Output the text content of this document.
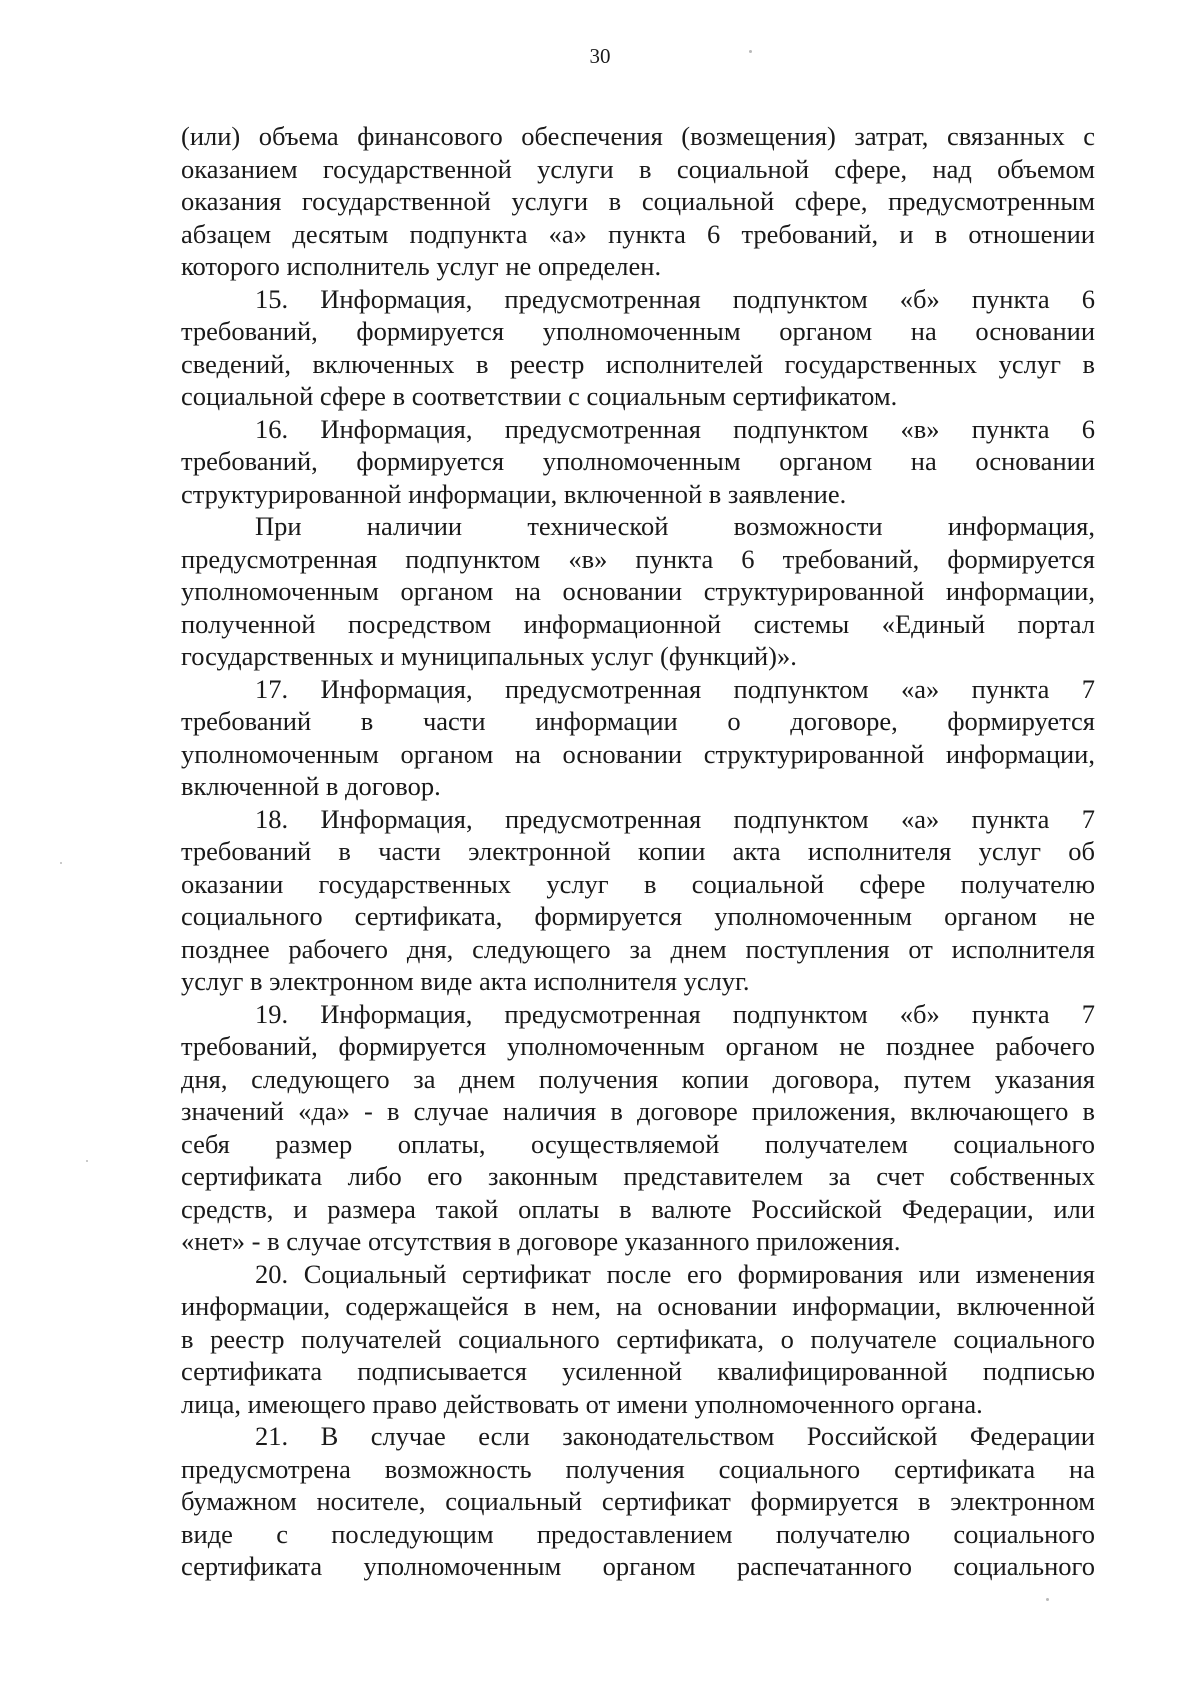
30

(или) объема финансового обеспечения (возмещения) затрат, связанных с
оказанием государственной услуги в социальной сфере, над объемом
оказания государственной услуги в социальной сфере, предусмотренным
абзацем десятым подпункта «а» пункта 6 требований, и в отношении
которого исполнитель услуг не определен.

15. Информация, предусмотренная подпунктом «б» пункта 6
требований, формируется уполномоченным органом на основании
сведений, включенных в реестр исполнителей государственных услуг в
социальной сфере в соответствии с социальным сертификатом.

16. Информация, предусмотренная подпунктом «в» пункта 6
требований, формируется уполномоченным органом на основании
структурированной информации, включенной в заявление.

При наличии технической возможности информация,
предусмотренная подпунктом «в» пункта 6 требований, формируется
уполномоченным органом на основании структурированной информации,
полученной посредством информационной системы «Единый портал
государственных и муниципальных услуг (функций)».

17. Информация, предусмотренная подпунктом «а» пункта 7
требований в части информации о договоре, формируется
уполномоченным органом на основании структурированной информации,
включенной в договор.

18. Информация, предусмотренная подпунктом «а» пункта 7
требований в части электронной копии акта исполнителя услуг об
оказании государственных услуг в социальной сфере получателю
социального сертификата, формируется уполномоченным органом не
позднее рабочего дня, следующего за днем поступления от исполнителя
услуг в электронном виде акта исполнителя услуг.

19. Информация, предусмотренная подпунктом «б» пункта 7
требований, формируется уполномоченным органом не позднее рабочего
дня, следующего за днем получения копии договора, путем указания
значений «да» - в случае наличия в договоре приложения, включающего в
себя размер оплаты, осуществляемой получателем социального
сертификата либо его законным представителем за счет собственных
средств, и размера такой оплаты в валюте Российской Федерации, или
«нет» - в случае отсутствия в договоре указанного приложения.

20. Социальный сертификат после его формирования или изменения
информации, содержащейся в нем, на основании информации, включенной
в реестр получателей социального сертификата, о получателе социального
сертификата подписывается усиленной квалифицированной подписью
лица, имеющего право действовать от имени уполномоченного органа.

21. В случае если законодательством Российской Федерации
предусмотрена возможность получения социального сертификата на
бумажном носителе, социальный сертификат формируется в электронном
виде с последующим предоставлением получателю социального
сертификата уполномоченным органом распечатанного социального
